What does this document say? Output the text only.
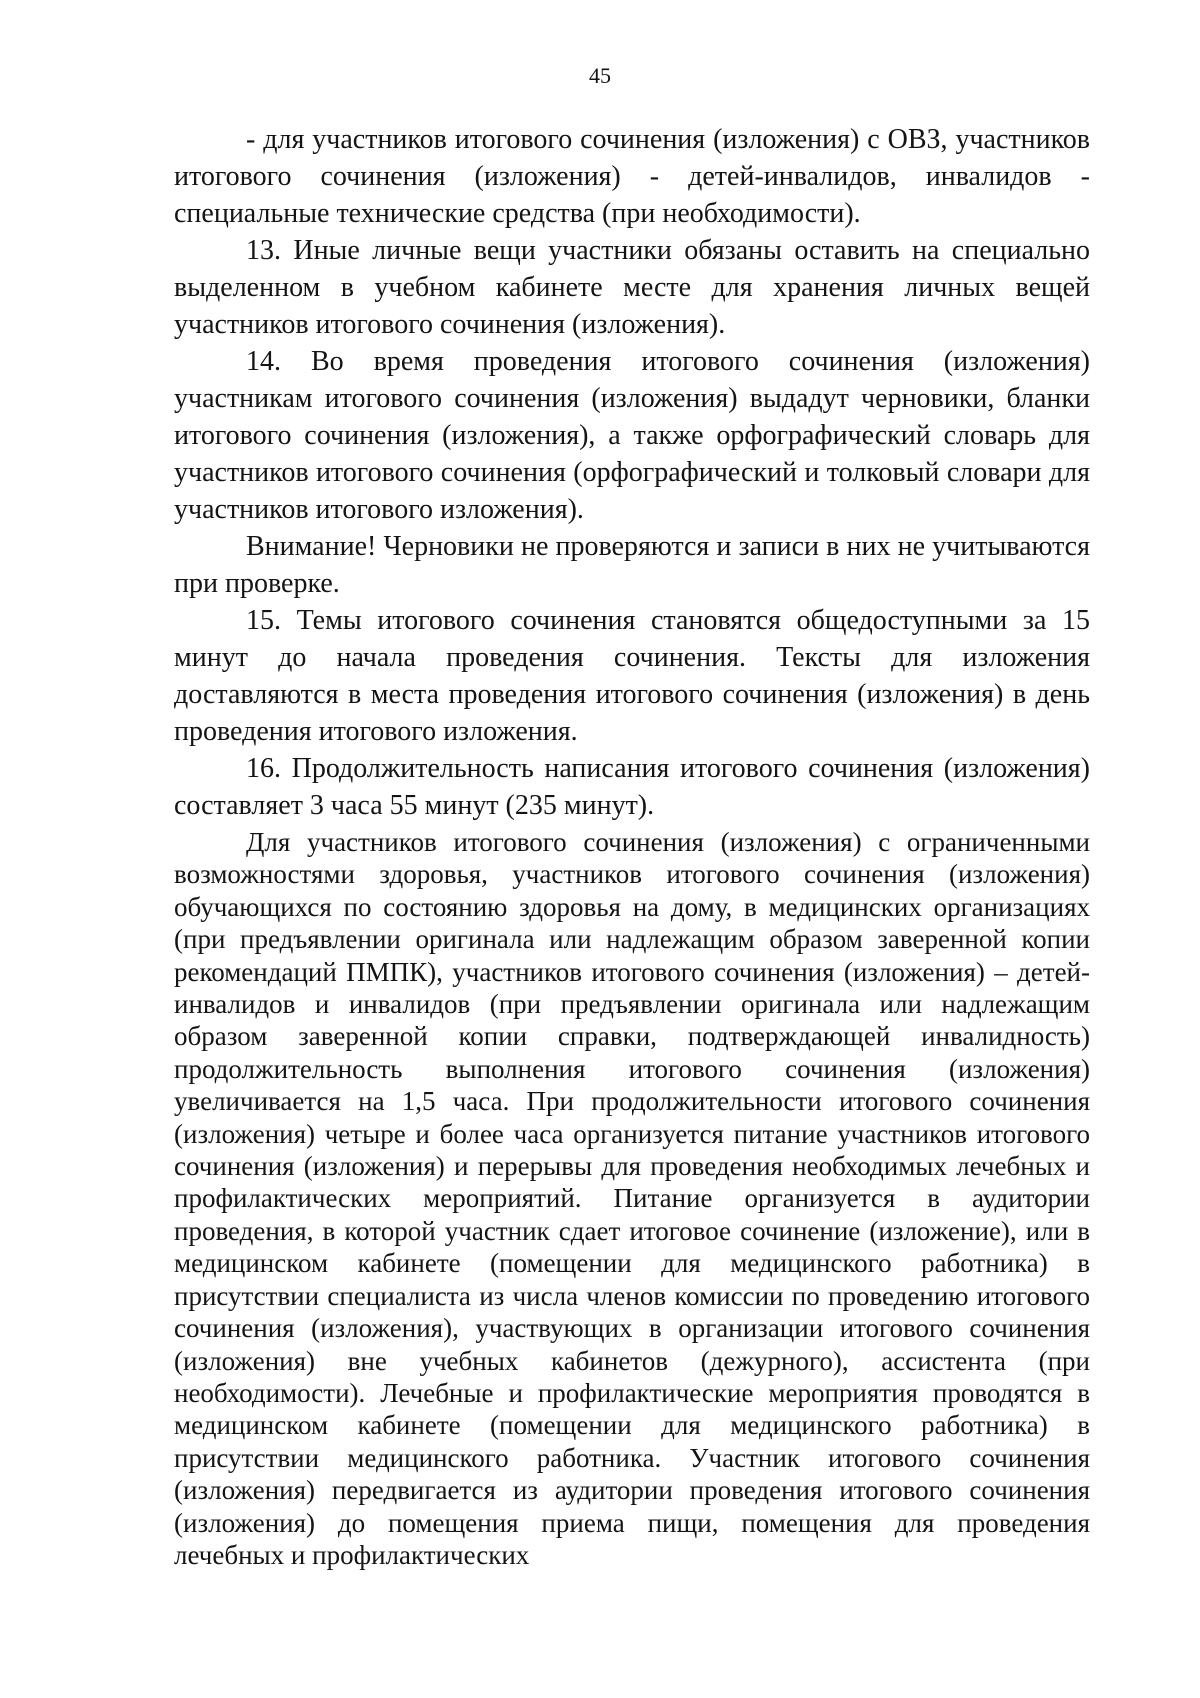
45

- для участников итогового сочинения (изложения) с ОВЗ, участников итогового сочинения (изложения) - детей-инвалидов, инвалидов - специальные технические средства (при необходимости).

13. Иные личные вещи участники обязаны оставить на специально выделенном в учебном кабинете месте для хранения личных вещей участников итогового сочинения (изложения).

14. Во время проведения итогового сочинения (изложения) участникам итогового сочинения (изложения) выдадут черновики, бланки итогового сочинения (изложения), а также орфографический словарь для участников итогового сочинения (орфографический и толковый словари для участников итогового изложения).

Внимание! Черновики не проверяются и записи в них не учитываются при проверке.

15. Темы итогового сочинения становятся общедоступными за 15 минут до начала проведения сочинения. Тексты для изложения доставляются в места проведения итогового сочинения (изложения) в день проведения итогового изложения.

16. Продолжительность написания итогового сочинения (изложения) составляет 3 часа 55 минут (235 минут).

Для участников итогового сочинения (изложения) с ограниченными возможностями здоровья, участников итогового сочинения (изложения) обучающихся по состоянию здоровья на дому, в медицинских организациях (при предъявлении оригинала или надлежащим образом заверенной копии рекомендаций ПМПК), участников итогового сочинения (изложения) – детей-инвалидов и инвалидов (при предъявлении оригинала или надлежащим образом заверенной копии справки, подтверждающей инвалидность) продолжительность выполнения итогового сочинения (изложения) увеличивается на 1,5 часа. При продолжительности итогового сочинения (изложения) четыре и более часа организуется питание участников итогового сочинения (изложения) и перерывы для проведения необходимых лечебных и профилактических мероприятий. Питание организуется в аудитории проведения, в которой участник сдает итоговое сочинение (изложение), или в медицинском кабинете (помещении для медицинского работника) в присутствии специалиста из числа членов комиссии по проведению итогового сочинения (изложения), участвующих в организации итогового сочинения (изложения) вне учебных кабинетов (дежурного), ассистента (при необходимости). Лечебные и профилактические мероприятия проводятся в медицинском кабинете (помещении для медицинского работника) в присутствии медицинского работника. Участник итогового сочинения (изложения) передвигается из аудитории проведения итогового сочинения (изложения) до помещения приема пищи, помещения для проведения лечебных и профилактических
